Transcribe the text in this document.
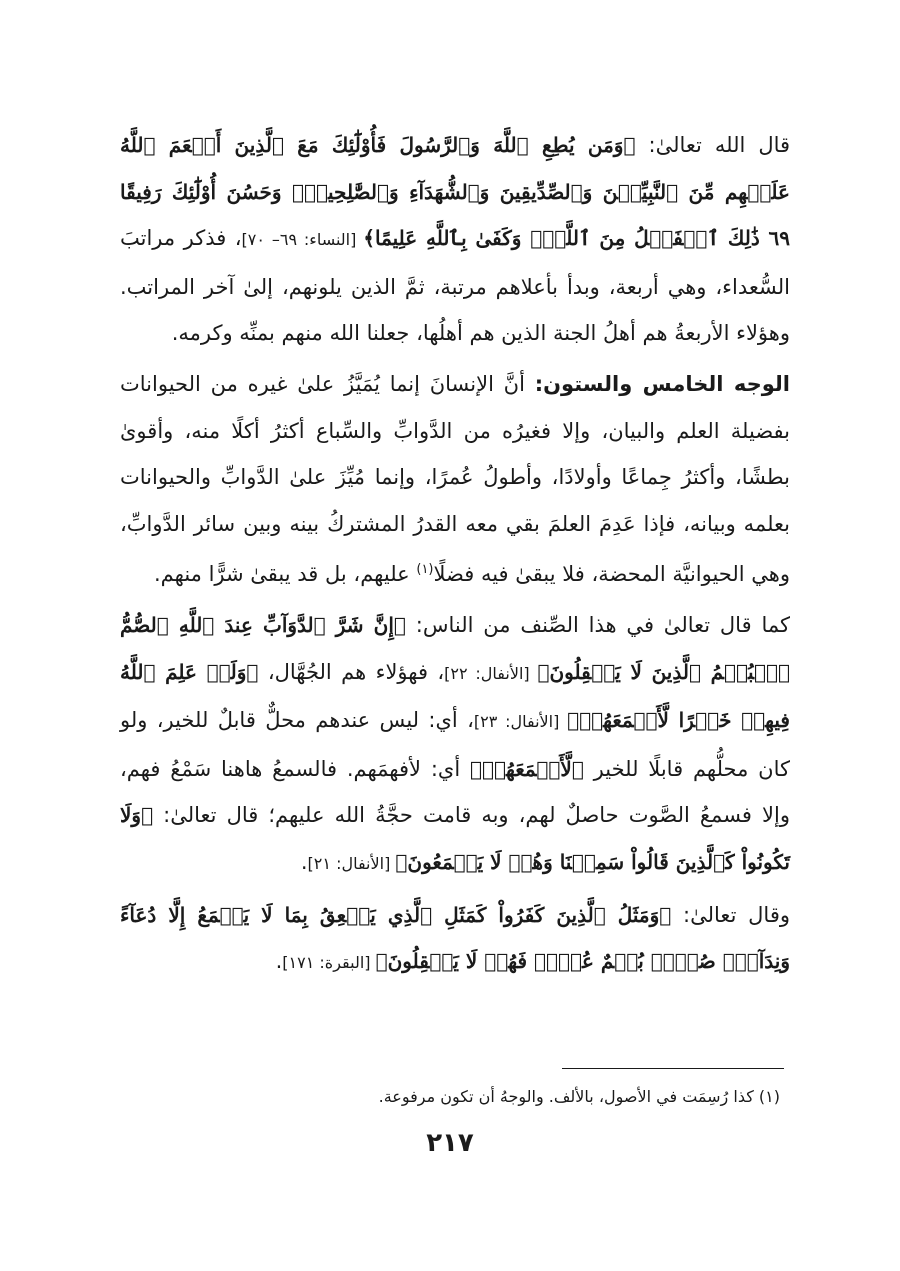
قال الله تعالىٰ: ﴿وَمَن يُطِعِ ٱللَّهَ وَٱلرَّسُولَ فَأُوْلَٰٓئِكَ مَعَ ٱلَّذِينَ أَنۡعَمَ ٱللَّهُ عَلَيۡهِم مِّنَ ٱلنَّبِيِّـۧنَ وَٱلصِّدِّيقِينَ وَٱلشُّهَدَآءِ وَٱلصَّٰلِحِينَۚ وَحَسُنَ أُوْلَٰٓئِكَ رَفِيقًا ٦٩ ذَٰلِكَ ٱلۡفَضۡلُ مِنَ ٱللَّهِۚ وَكَفَىٰ بِٱللَّهِ عَلِيمًا﴾ [النساء: ٦٩– ٧٠]، فذكر مراتبَ السُّعداء، وهي أربعة، وبدأ بأعلاهم مرتبة، ثمَّ الذين يلونهم، إلىٰ آخر المراتب. وهؤلاء الأربعةُ هم أهلُ الجنة الذين هم أهلُها، جعلنا الله منهم بمنِّه وكرمه.

الوجه الخامس والستون: أنَّ الإنسانَ إنما يُمَيَّزُ علىٰ غيره من الحيوانات بفضيلة العلم والبيان، وإلا فغيرُه من الدَّوابِّ والسِّباع أكثرُ أكلًا منه، وأقوىٰ بطشًا، وأكثرُ جِماعًا وأولادًا، وأطولُ عُمرًا، وإنما مُيِّزَ علىٰ الدَّوابِّ والحيوانات بعلمه وبيانه، فإذا عَدِمَ العلمَ بقي معه القدرُ المشتركُ بينه وبين سائر الدَّوابِّ، وهي الحيوانيَّة المحضة، فلا يبقىٰ فيه فضلًا$^{(١)}$ عليهم، بل قد يبقىٰ شرًّا منهم.

كما قال تعالىٰ في هذا الصِّنف من الناس: ﴿إِنَّ شَرَّ ٱلدَّوَآبِّ عِندَ ٱللَّهِ ٱلصُّمُّ ٱلۡبُكۡمُ ٱلَّذِينَ لَا يَعۡقِلُونَ﴾ [الأنفال: ٢٢]، فهؤلاء هم الجُهَّال، ﴿وَلَوۡ عَلِمَ ٱللَّهُ فِيهِمۡ خَيۡرًا لَّأَسۡمَعَهُمۡ﴾ [الأنفال: ٢٣]، أي: ليس عندهم محلٌّ قابلٌ للخير، ولو كان محلُّهم قابلًا للخير ﴿لَّأَسۡمَعَهُمۡ﴾ أي: لأفهمَهم. فالسمعُ هاهنا سَمْعُ فهم، وإلا فسمعُ الصَّوت حاصلٌ لهم، وبه قامت حجَّةُ الله عليهم؛ قال تعالىٰ: ﴿وَلَا تَكُونُواْ كَٱلَّذِينَ قَالُواْ سَمِعۡنَا وَهُمۡ لَا يَسۡمَعُونَ﴾ [الأنفال: ٢١].

وقال تعالىٰ: ﴿وَمَثَلُ ٱلَّذِينَ كَفَرُواْ كَمَثَلِ ٱلَّذِي يَنۡعِقُ بِمَا لَا يَسۡمَعُ إِلَّا دُعَآءً وَنِدَآءًۚ صُمُّۢ بُكۡمٌ عُمۡيٞ فَهُمۡ لَا يَعۡقِلُونَ﴾ [البقرة: ١٧١].

(١) كذا رُسِمَت في الأصول، بالألف. والوجهُ أن تكون مرفوعة.
٢١٧
